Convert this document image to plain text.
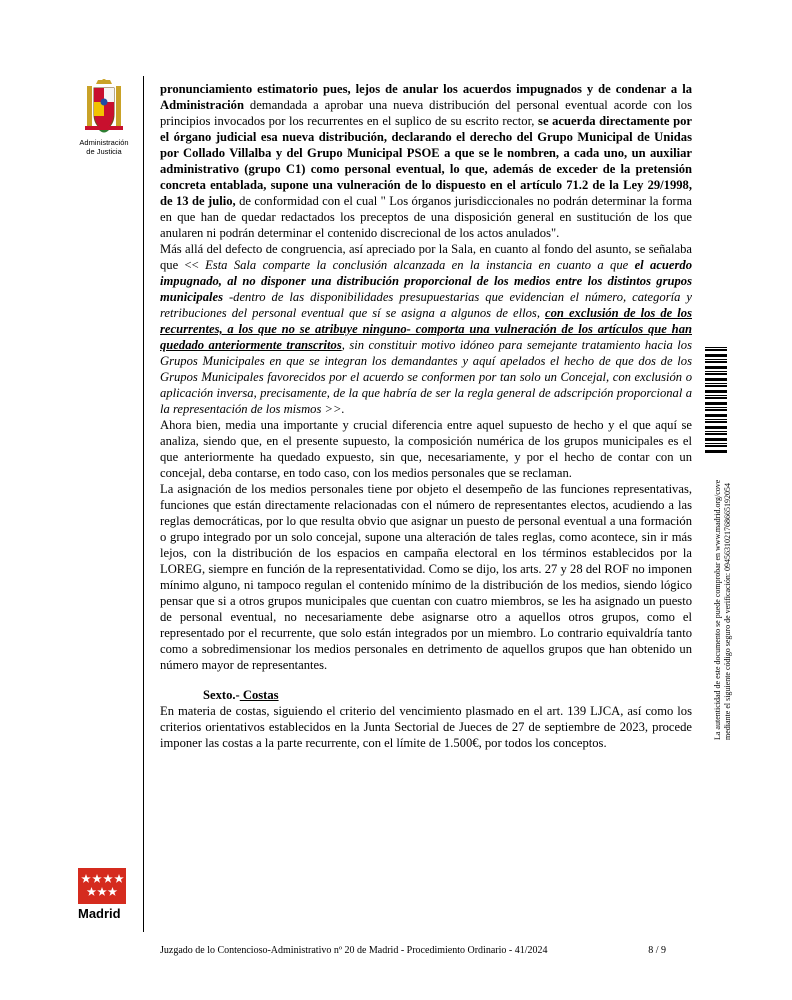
Administración
de Justicia

pronunciamiento estimatorio pues, lejos de anular los acuerdos impugnados y de condenar a la Administración demandada a aprobar una nueva distribución del personal eventual acorde con los principios invocados por los recurrentes en el suplico de su escrito rector, se acuerda directamente por el órgano judicial esa nueva distribución, declarando el derecho del Grupo Municipal de Unidas por Collado Villalba y del Grupo Municipal PSOE a que se le nombren, a cada uno, un auxiliar administrativo (grupo C1) como personal eventual, lo que, además de exceder de la pretensión concreta entablada, supone una vulneración de lo dispuesto en el artículo 71.2 de la Ley 29/1998, de 13 de julio, de conformidad con el cual " Los órganos jurisdiccionales no podrán determinar la forma en que han de quedar redactados los preceptos de una disposición general en sustitución de los que anularen ni podrán determinar el contenido discrecional de los actos anulados".

Más allá del defecto de congruencia, así apreciado por la Sala, en cuanto al fondo del asunto, se señalaba que << Esta Sala comparte la conclusión alcanzada en la instancia en cuanto a que el acuerdo impugnado, al no disponer una distribución proporcional de los medios entre los distintos grupos municipales -dentro de las disponibilidades presupuestarias que evidencian el número, categoría y retribuciones del personal eventual que sí se asigna a algunos de ellos, con exclusión de los de los recurrentes, a los que no se atribuye ninguno- comporta una vulneración de los artículos que han quedado anteriormente transcritos, sin constituir motivo idóneo para semejante tratamiento hacia los Grupos Municipales en que se integran los demandantes y aquí apelados el hecho de que dos de los Grupos Municipales favorecidos por el acuerdo se conformen por tan solo un Concejal, con exclusión o aplicación inversa, precisamente, de la que habría de ser la regla general de adscripción proporcional a la representación de los mismos >>.

Ahora bien, media una importante y crucial diferencia entre aquel supuesto de hecho y el que aquí se analiza, siendo que, en el presente supuesto, la composición numérica de los grupos municipales es el que anteriormente ha quedado expuesto, sin que, necesariamente, y por el hecho de contar con un concejal, deba contarse, en todo caso, con los medios personales que se reclaman.

La asignación de los medios personales tiene por objeto el desempeño de las funciones representativas, funciones que están directamente relacionadas con el número de representantes electos, acudiendo a las reglas democráticas, por lo que resulta obvio que asignar un puesto de personal eventual a una formación o grupo integrado por un solo concejal, supone una alteración de tales reglas, como acontece, sin ir más lejos, con la distribución de los espacios en campaña electoral en los términos establecidos por la LOREG, siempre en función de la representatividad. Como se dijo, los arts. 27 y 28 del ROF no imponen mínimo alguno, ni tampoco regulan el contenido mínimo de la distribución de los medios, siendo lógico pensar que si a otros grupos municipales que cuentan con cuatro miembros, se les ha asignado un puesto de personal eventual, no necesariamente debe asignarse otro a aquellos otros grupos, como el representado por el recurrente, que solo están integrados por un miembro. Lo contrario equivaldría tanto como a sobredimensionar los medios personales en detrimento de aquellos grupos que han obtenido un número mayor de representantes.

Sexto.- Costas

En materia de costas, siguiendo el criterio del vencimiento plasmado en el art. 139 LJCA, así como los criterios orientativos establecidos en la Junta Sectorial de Jueces de 27 de septiembre de 2023, procede imponer las costas a la parte recurrente, con el límite de 1.500€, por todos los conceptos.

Madrid
La autenticidad de este documento se puede comprobar en www.madrid.org/cove mediante el siguiente código seguro de verificación: 0945631021768665192054
Juzgado de lo Contencioso-Administrativo nº 20 de Madrid - Procedimiento Ordinario - 41/2024	8 / 9
